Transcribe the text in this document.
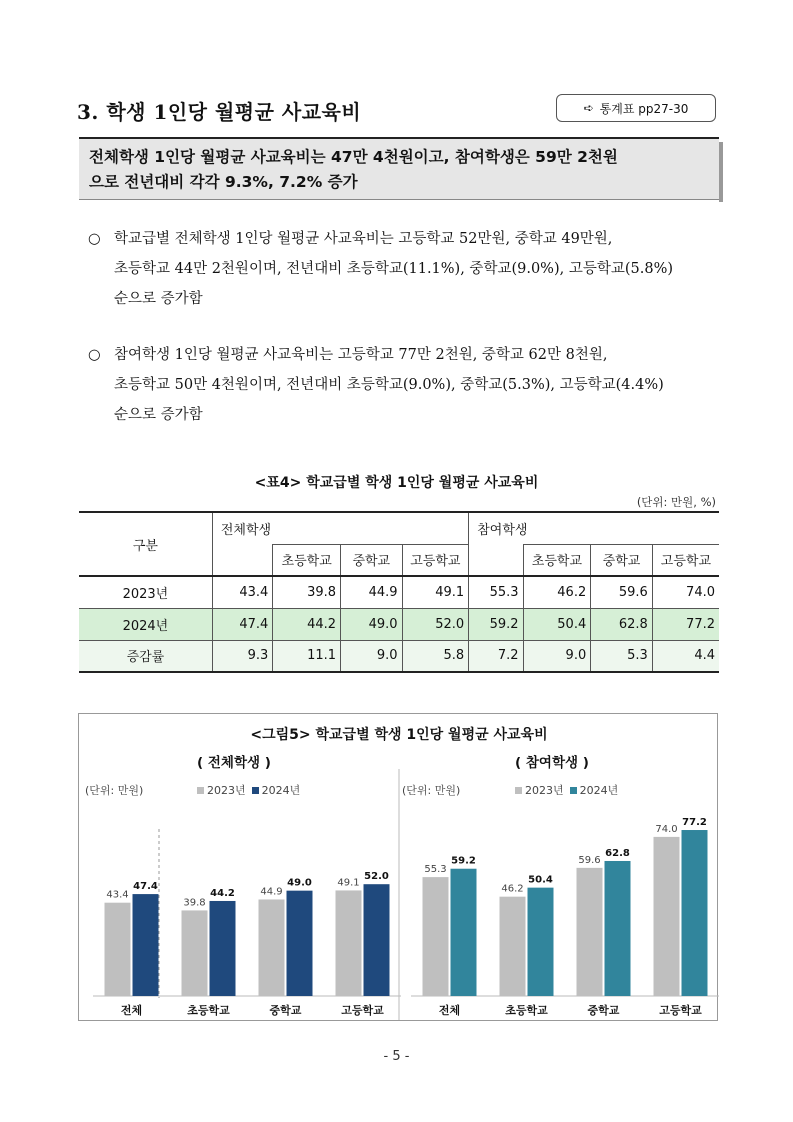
3. 학생 1인당 월평균 사교육비	➪ 통계표 pp27-30
전체학생 1인당 월평균 사교육비는 47만 4천원이고, 참여학생은 59만 2천원
으로 전년대비 각각 9.3%, 7.2% 증가
○ 학교급별 전체학생 1인당 월평균 사교육비는 고등학교 52만원, 중학교 49만원,
초등학교 44만 2천원이며, 전년대비 초등학교(11.1%), 중학교(9.0%), 고등학교(5.8%)
순으로 증가함
○ 참여학생 1인당 월평균 사교육비는 고등학교 77만 2천원, 중학교 62만 8천원,
초등학교 50만 4천원이며, 전년대비 초등학교(9.0%), 중학교(5.3%), 고등학교(4.4%)
순으로 증가함
<표4> 학교급별 학생 1인당 월평균 사교육비
(단위: 만원, %)
구분	전체학생				참여학생			
		초등학교	중학교	고등학교		초등학교	중학교	고등학교
2023년	43.4	39.8	44.9	49.1	55.3	46.2	59.6	74.0
2024년	47.4	44.2	49.0	52.0	59.2	50.4	62.8	77.2
증감률	9.3	11.1	9.0	5.8	7.2	9.0	5.3	4.4
<그림5> 학교급별 학생 1인당 월평균 사교육비
( 전체학생 )	( 참여학생 )
(단위: 만원)	2023년 2024년	(단위: 만원)	2023년 2024년
43.4
47.4
전체
39.8
44.2
초등학교
44.9
49.0
중학교
49.1
52.0
고등학교
55.3
59.2
전체
46.2
50.4
초등학교
59.6
62.8
중학교
74.0
77.2
고등학교
- 5 -
